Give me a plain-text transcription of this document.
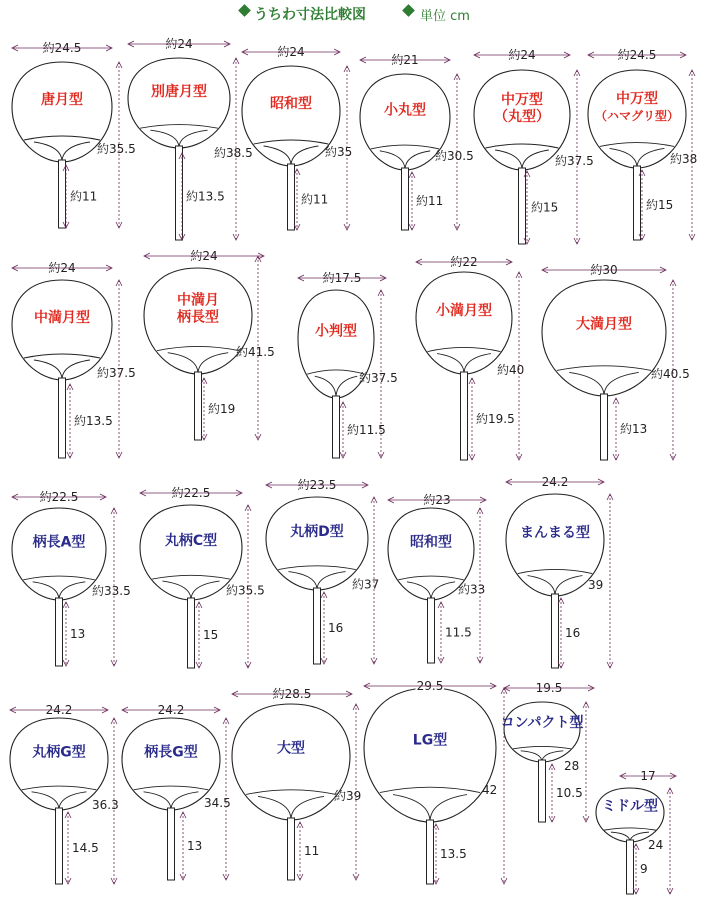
うちわ寸法比較図	単位 cm
唐月型
約24.5
約35.5
約11
別唐月型
約24
約38.5
約13.5
昭和型
約24
約35
約11
小丸型
約21
約30.5
約11
中万型
（丸型）
約24
約37.5
約15
中万型
（ハマグリ型）
約24.5
約38
約15
中満月型
約24
約37.5
約13.5
中満月
柄長型
約24
約41.5
約19
小判型
約17.5
約37.5
約11.5
小満月型
約22
約40
約19.5
大満月型
約30
約40.5
約13
柄長A型
約22.5
約33.5
13
丸柄C型
約22.5
約35.5
15
丸柄D型
約23.5
約37
16
昭和型
約23
約33
11.5
まんまる型
24.2
39
16
丸柄G型
24.2
36.3
14.5
柄長G型
24.2
34.5
13
大型
約28.5
約39
11
LG型
29.5
42
13.5
コンパクト型
19.5
28
10.5
ミドル型
17
24
9
